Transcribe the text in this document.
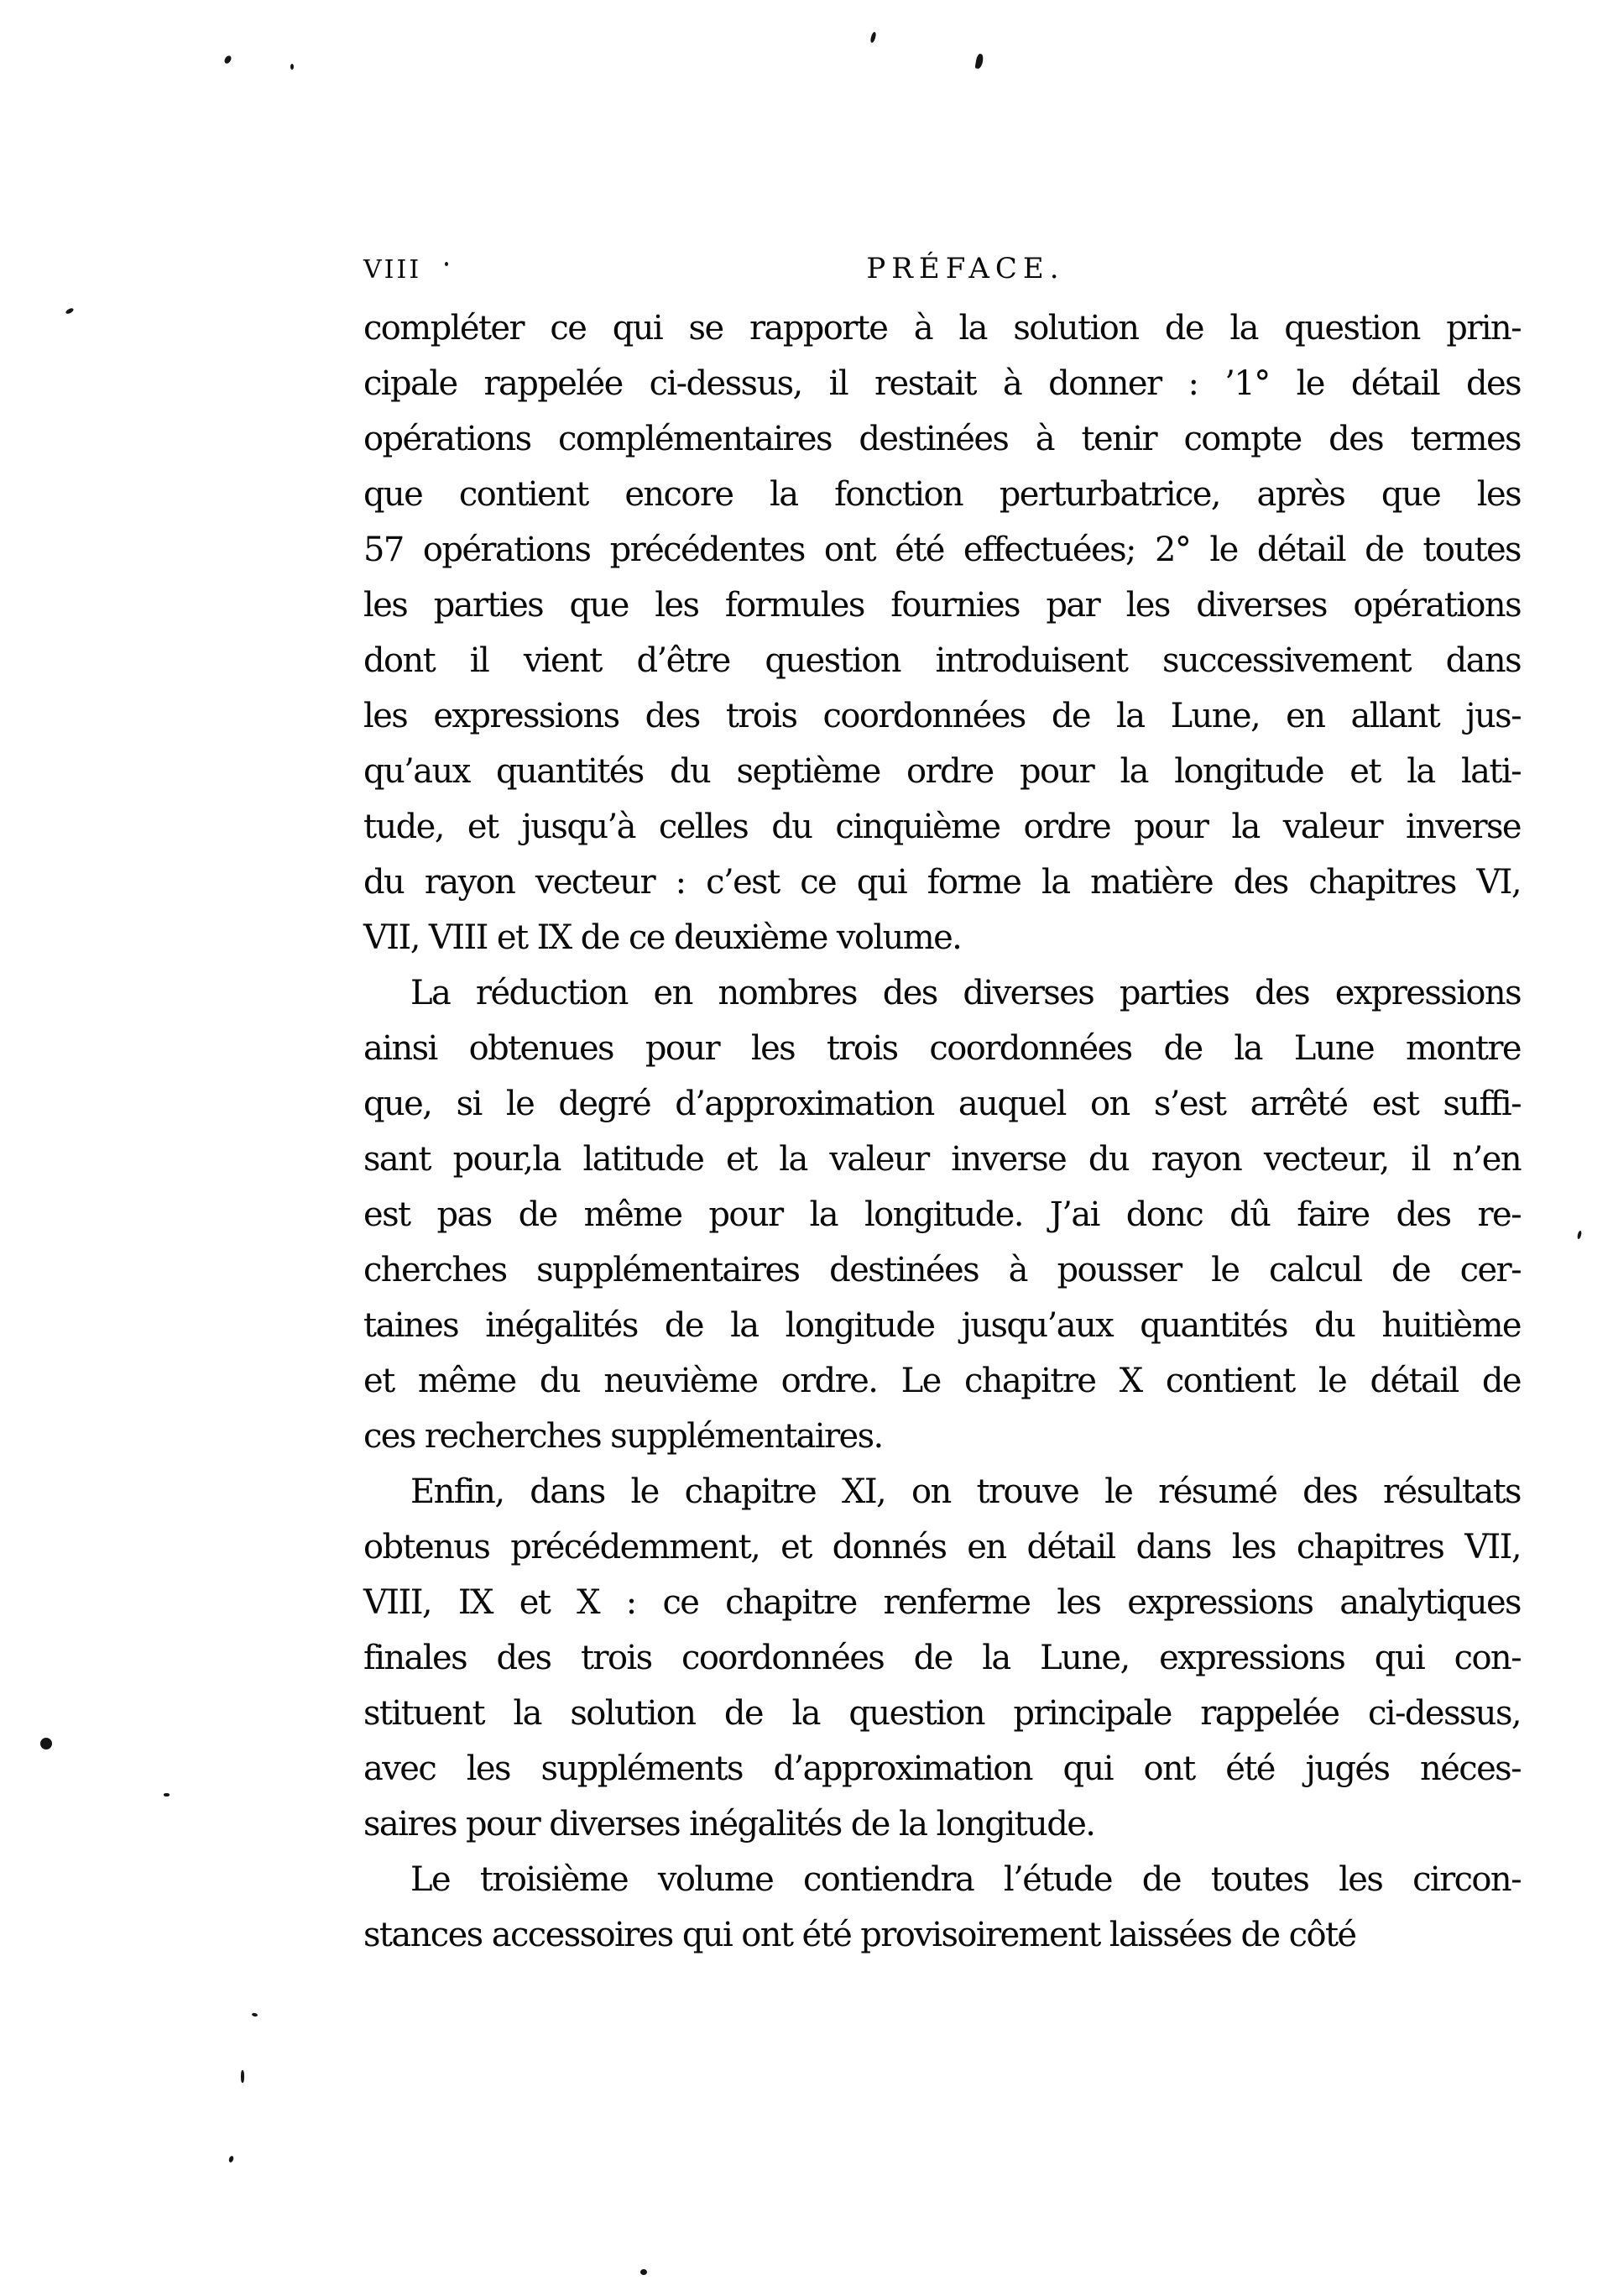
VIII	PRÉFACE.
compléter ce qui se rapporte à la solution de la question prin-
cipale rappelée ci-dessus, il restait à donner : ’1° le détail des
opérations complémentaires destinées à tenir compte des termes
que contient encore la fonction perturbatrice, après que les
57 opérations précédentes ont été effectuées; 2° le détail de toutes
les parties que les formules fournies par les diverses opérations
dont il vient d’être question introduisent successivement dans
les expressions des trois coordonnées de la Lune, en allant jus-
qu’aux quantités du septième ordre pour la longitude et la lati-
tude, et jusqu’à celles du cinquième ordre pour la valeur inverse
du rayon vecteur : c’est ce qui forme la matière des chapitres VI,
VII, VIII et IX de ce deuxième volume.
La réduction en nombres des diverses parties des expressions
ainsi obtenues pour les trois coordonnées de la Lune montre
que, si le degré d’approximation auquel on s’est arrêté est suffi-
sant pour,la latitude et la valeur inverse du rayon vecteur, il n’en
est pas de même pour la longitude. J’ai donc dû faire des re-
cherches supplémentaires destinées à pousser le calcul de cer-
taines inégalités de la longitude jusqu’aux quantités du huitième
et même du neuvième ordre. Le chapitre X contient le détail de
ces recherches supplémentaires.
Enfin, dans le chapitre XI, on trouve le résumé des résultats
obtenus précédemment, et donnés en détail dans les chapitres VII,
VIII, IX et X : ce chapitre renferme les expressions analytiques
finales des trois coordonnées de la Lune, expressions qui con-
stituent la solution de la question principale rappelée ci-dessus,
avec les suppléments d’approximation qui ont été jugés néces-
saires pour diverses inégalités de la longitude.
Le troisième volume contiendra l’étude de toutes les circon-
stances accessoires qui ont été provisoirement laissées de côté
